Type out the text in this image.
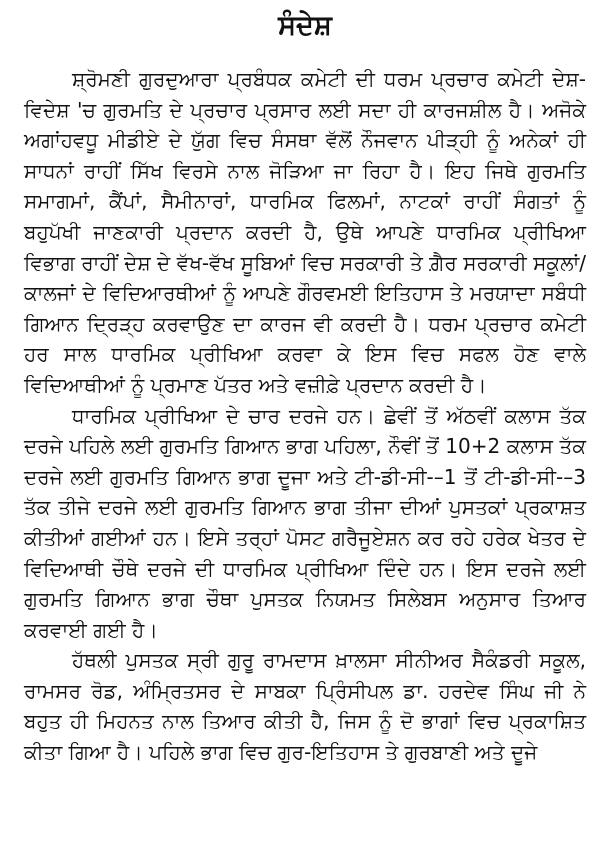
ਸੰਦੇਸ਼

ਸ਼੍ਰੋਮਣੀ ਗੁਰਦੁਆਰਾ ਪ੍ਰਬੰਧਕ ਕਮੇਟੀ ਦੀ ਧਰਮ ਪ੍ਰਚਾਰ ਕਮੇਟੀ ਦੇਸ਼-ਵਿਦੇਸ਼ 'ਚ ਗੁਰਮਤਿ ਦੇ ਪ੍ਰਚਾਰ ਪ੍ਰਸਾਰ ਲਈ ਸਦਾ ਹੀ ਕਾਰਜਸ਼ੀਲ ਹੈ। ਅਜੋਕੇ ਅਗਾਂਹਵਧੂ ਮੀਡੀਏ ਦੇ ਯੁੱਗ ਵਿਚ ਸੰਸਥਾ ਵੱਲੋਂ ਨੌਜਵਾਨ ਪੀੜ੍ਹੀ ਨੂੰ ਅਨੇਕਾਂ ਹੀ ਸਾਧਨਾਂ ਰਾਹੀਂ ਸਿੱਖ ਵਿਰਸੇ ਨਾਲ ਜੋੜਿਆ ਜਾ ਰਿਹਾ ਹੈ। ਇਹ ਜਿਥੇ ਗੁਰਮਤਿ ਸਮਾਗਮਾਂ, ਕੈਂਪਾਂ, ਸੈਮੀਨਾਰਾਂ, ਧਾਰਮਿਕ ਫਿਲਮਾਂ, ਨਾਟਕਾਂ ਰਾਹੀਂ ਸੰਗਤਾਂ ਨੂੰ ਬਹੁਪੱਖੀ ਜਾਣਕਾਰੀ ਪ੍ਰਦਾਨ ਕਰਦੀ ਹੈ, ਉਥੇ ਆਪਣੇ ਧਾਰਮਿਕ ਪ੍ਰੀਖਿਆ ਵਿਭਾਗ ਰਾਹੀਂ ਦੇਸ਼ ਦੇ ਵੱਖ-ਵੱਖ ਸੂਬਿਆਂ ਵਿਚ ਸਰਕਾਰੀ ਤੇ ਗ਼ੈਰ ਸਰਕਾਰੀ ਸਕੂਲਾਂ/ਕਾਲਜਾਂ ਦੇ ਵਿਦਿਆਰਥੀਆਂ ਨੂੰ ਆਪਣੇ ਗੌਰਵਮਈ ਇਤਿਹਾਸ ਤੇ ਮਰਯਾਦਾ ਸਬੰਧੀ ਗਿਆਨ ਦ੍ਰਿੜ੍ਹ ਕਰਵਾਉਣ ਦਾ ਕਾਰਜ ਵੀ ਕਰਦੀ ਹੈ। ਧਰਮ ਪ੍ਰਚਾਰ ਕਮੇਟੀ ਹਰ ਸਾਲ ਧਾਰਮਿਕ ਪ੍ਰੀਖਿਆ ਕਰਵਾ ਕੇ ਇਸ ਵਿਚ ਸਫਲ ਹੋਣ ਵਾਲੇ ਵਿਦਿਆਥੀਆਂ ਨੂੰ ਪ੍ਰਮਾਣ ਪੱਤਰ ਅਤੇ ਵਜ਼ੀਫ਼ੇ ਪ੍ਰਦਾਨ ਕਰਦੀ ਹੈ।

ਧਾਰਮਿਕ ਪ੍ਰੀਖਿਆ ਦੇ ਚਾਰ ਦਰਜੇ ਹਨ। ਛੇਵੀਂ ਤੋਂ ਅੱਠਵੀਂ ਕਲਾਸ ਤੱਕ ਦਰਜੇ ਪਹਿਲੇ ਲਈ ਗੁਰਮਤਿ ਗਿਆਨ ਭਾਗ ਪਹਿਲਾ, ਨੌਵੀਂ ਤੋਂ 10+2 ਕਲਾਸ ਤੱਕ ਦਰਜੇ ਲਈ ਗੁਰਮਤਿ ਗਿਆਨ ਭਾਗ ਦੂਜਾ ਅਤੇ ਟੀ-ਡੀ-ਸੀ-–1 ਤੋਂ ਟੀ-ਡੀ-ਸੀ-–3 ਤੱਕ ਤੀਜੇ ਦਰਜੇ ਲਈ ਗੁਰਮਤਿ ਗਿਆਨ ਭਾਗ ਤੀਜਾ ਦੀਆਂ ਪੁਸਤਕਾਂ ਪ੍ਰਕਾਸ਼ਤ ਕੀਤੀਆਂ ਗਈਆਂ ਹਨ। ਇਸੇ ਤਰ੍ਹਾਂ ਪੋਸਟ ਗਰੈਜੂਏਸ਼ਨ ਕਰ ਰਹੇ ਹਰੇਕ ਖੇਤਰ ਦੇ ਵਿਦਿਆਥੀ ਚੌਥੇ ਦਰਜੇ ਦੀ ਧਾਰਮਿਕ ਪ੍ਰੀਖਿਆ ਦਿੰਦੇ ਹਨ। ਇਸ ਦਰਜੇ ਲਈ ਗੁਰਮਤਿ ਗਿਆਨ ਭਾਗ ਚੌਥਾ ਪੁਸਤਕ ਨਿਯਮਤ ਸਿਲੇਬਸ ਅਨੁਸਾਰ ਤਿਆਰ ਕਰਵਾਈ ਗਈ ਹੈ।

ਹੱਥਲੀ ਪੁਸਤਕ ਸ੍ਰੀ ਗੁਰੂ ਰਾਮਦਾਸ ਖ਼ਾਲਸਾ ਸੀਨੀਅਰ ਸੈਕੰਡਰੀ ਸਕੂਲ, ਰਾਮਸਰ ਰੋਡ, ਅੰਮ੍ਰਿਤਸਰ ਦੇ ਸਾਬਕਾ ਪ੍ਰਿੰਸੀਪਲ ਡਾ. ਹਰਦੇਵ ਸਿੰਘ ਜੀ ਨੇ ਬਹੁਤ ਹੀ ਮਿਹਨਤ ਨਾਲ ਤਿਆਰ ਕੀਤੀ ਹੈ, ਜਿਸ ਨੂੰ ਦੋ ਭਾਗਾਂ ਵਿਚ ਪ੍ਰਕਾਸ਼ਿਤ ਕੀਤਾ ਗਿਆ ਹੈ। ਪਹਿਲੇ ਭਾਗ ਵਿਚ ਗੁਰ-ਇਤਿਹਾਸ ਤੇ ਗੁਰਬਾਣੀ ਅਤੇ ਦੂਜੇ
